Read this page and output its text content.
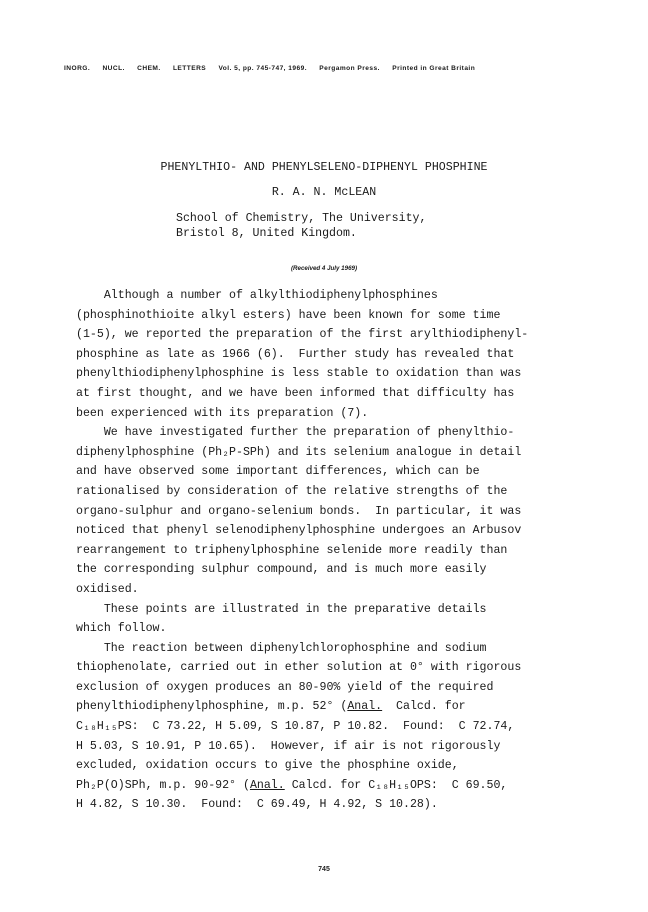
INORG. NUCL. CHEM. LETTERS Vol. 5, pp. 745-747, 1969. Pergamon Press. Printed in Great Britain
PHENYLTHIO- AND PHENYLSELENO-DIPHENYL PHOSPHINE
R. A. N. McLEAN
School of Chemistry, The University,
Bristol 8, United Kingdom.
(Received 4 July 1969)
Although a number of alkylthiodiphenylphosphines
(phosphinothioite alkyl esters) have been known for some time
(1-5), we reported the preparation of the first arylthiodiphenyl-
phosphine as late as 1966 (6).  Further study has revealed that
phenylthiodiphenylphosphine is less stable to oxidation than was
at first thought, and we have been informed that difficulty has
been experienced with its preparation (7).
We have investigated further the preparation of phenylthio-
diphenylphosphine (Ph₂P-SPh) and its selenium analogue in detail
and have observed some important differences, which can be
rationalised by consideration of the relative strengths of the
organo-sulphur and organo-selenium bonds.  In particular, it was
noticed that phenyl selenodiphenylphosphine undergoes an Arbusov
rearrangement to triphenylphosphine selenide more readily than
the corresponding sulphur compound, and is much more easily
oxidised.
These points are illustrated in the preparative details
which follow.
The reaction between diphenylchlorophosphine and sodium
thiophenolate, carried out in ether solution at 0° with rigorous
exclusion of oxygen produces an 80-90% yield of the required
phenylthiodiphenylphosphine, m.p. 52° (Anal.  Calcd. for
C₁₈H₁₅PS:  C 73.22, H 5.09, S 10.87, P 10.82.  Found:  C 72.74,
H 5.03, S 10.91, P 10.65).  However, if air is not rigorously
excluded, oxidation occurs to give the phosphine oxide,
Ph₂P(O)SPh, m.p. 90-92° (Anal. Calcd. for C₁₈H₁₅OPS:  C 69.50,
H 4.82, S 10.30.  Found:  C 69.49, H 4.92, S 10.28).
745
